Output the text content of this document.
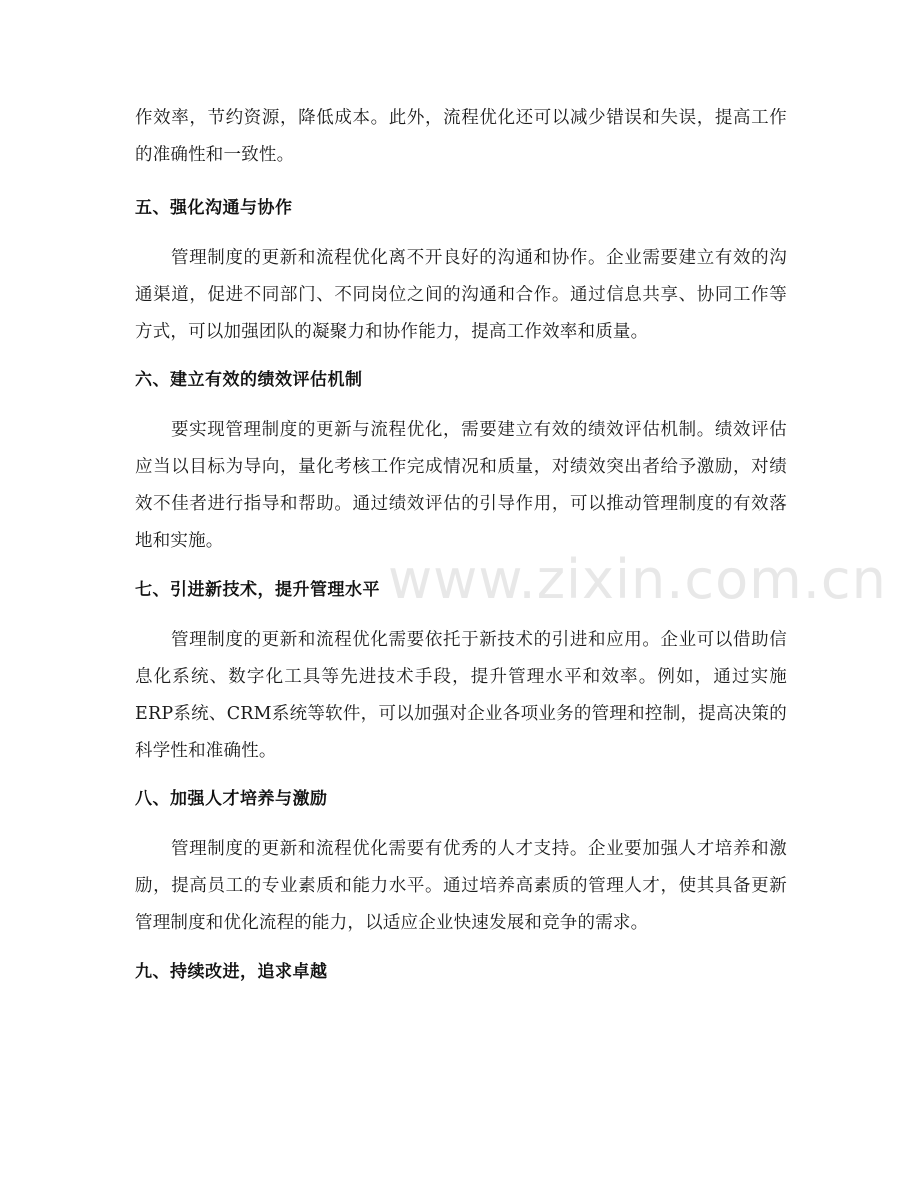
www.zixin.com.cn

作效率，节约资源，降低成本。此外，流程优化还可以减少错误和失误，提高工作的准确性和一致性。

五、强化沟通与协作

管理制度的更新和流程优化离不开良好的沟通和协作。企业需要建立有效的沟通渠道，促进不同部门、不同岗位之间的沟通和合作。通过信息共享、协同工作等方式，可以加强团队的凝聚力和协作能力，提高工作效率和质量。

六、建立有效的绩效评估机制

要实现管理制度的更新与流程优化，需要建立有效的绩效评估机制。绩效评估应当以目标为导向，量化考核工作完成情况和质量，对绩效突出者给予激励，对绩效不佳者进行指导和帮助。通过绩效评估的引导作用，可以推动管理制度的有效落地和实施。

七、引进新技术，提升管理水平

管理制度的更新和流程优化需要依托于新技术的引进和应用。企业可以借助信息化系统、数字化工具等先进技术手段，提升管理水平和效率。例如，通过实施ERP系统、CRM系统等软件，可以加强对企业各项业务的管理和控制，提高决策的科学性和准确性。

八、加强人才培养与激励

管理制度的更新和流程优化需要有优秀的人才支持。企业要加强人才培养和激励，提高员工的专业素质和能力水平。通过培养高素质的管理人才，使其具备更新管理制度和优化流程的能力，以适应企业快速发展和竞争的需求。

九、持续改进，追求卓越
